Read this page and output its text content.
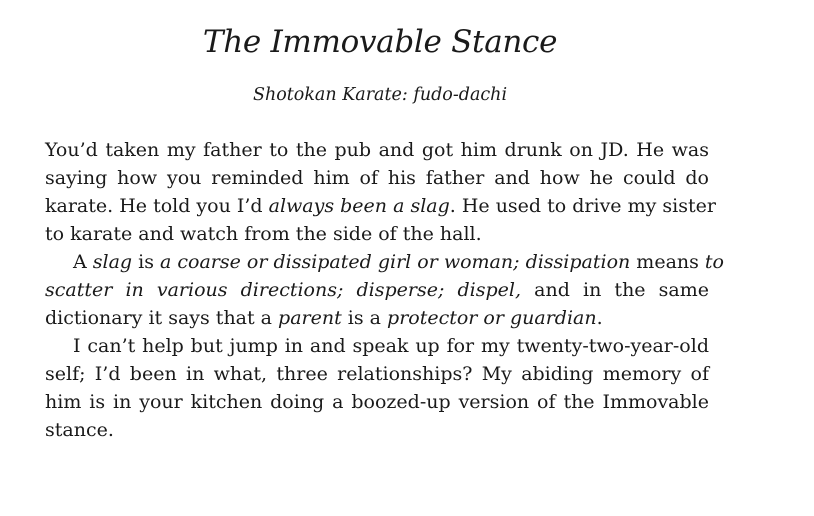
The Immovable Stance
Shotokan Karate: fudo-dachi
You’d taken my father to the pub and got him drunk on JD. He was
saying how you reminded him of his father and how he could do
karate. He told you I’d always been a slag. He used to drive my sister
to karate and watch from the side of the hall.
A slag is a coarse or dissipated girl or woman; dissipation means to
scatter in various directions; disperse; dispel, and in the same
dictionary it says that a parent is a protector or guardian.
I can’t help but jump in and speak up for my twenty-two-year-old
self; I’d been in what, three relationships? My abiding memory of
him is in your kitchen doing a boozed-up version of the Immovable
stance.
